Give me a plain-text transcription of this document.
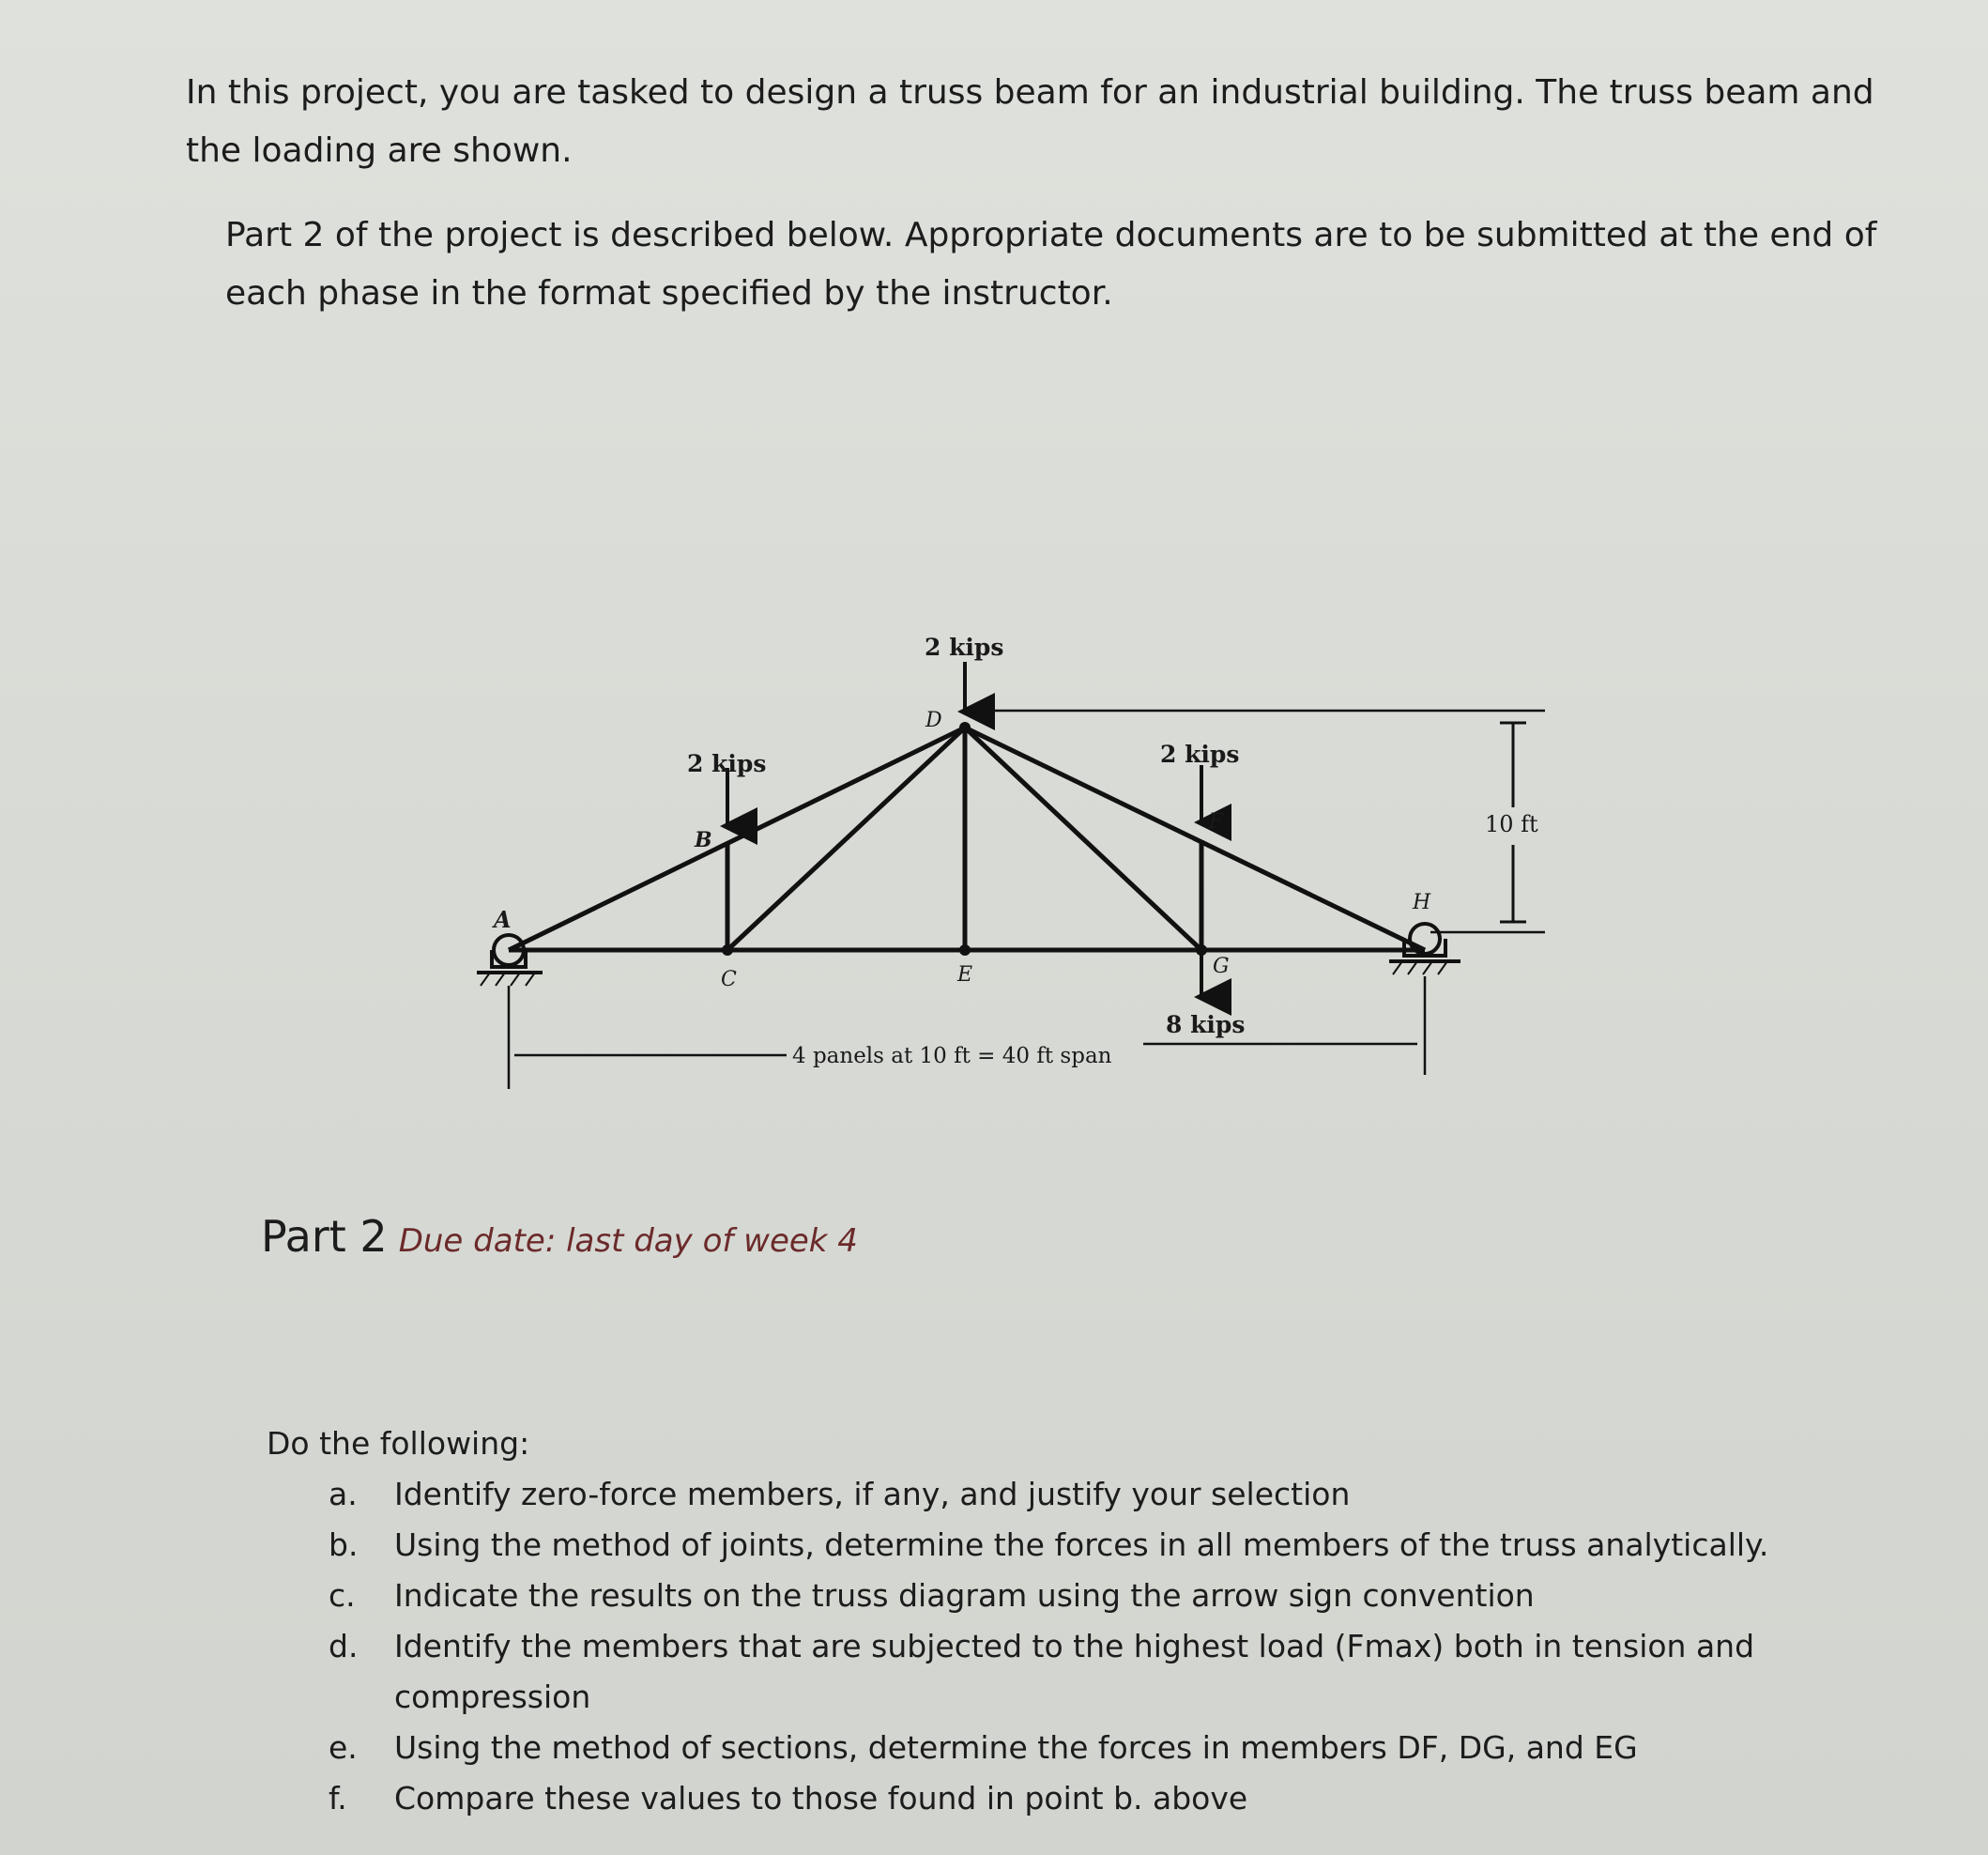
In this project, you are tasked to design a truss beam for an industrial building. The truss beam and the loading are shown.
Part 2 of the project is described below. Appropriate documents are to be submitted at the end of each phase in the format specified by the instructor.
2 kips
2 kips
2 kips
8 kips
A
B
C
D
E
F
G
H
10 ft
4 panels at 10 ft = 40 ft span
Part 2 Due date: last day of week 4
Do the following:
a.	Identify zero-force members, if any, and justify your selection
b.	Using the method of joints, determine the forces in all members of the truss analytically.
c.	Indicate the results on the truss diagram using the arrow sign convention
d.	Identify the members that are subjected to the highest load (Fmax) both in tension and compression
e.	Using the method of sections, determine the forces in members DF, DG, and EG
f.	Compare these values to those found in point b. above
